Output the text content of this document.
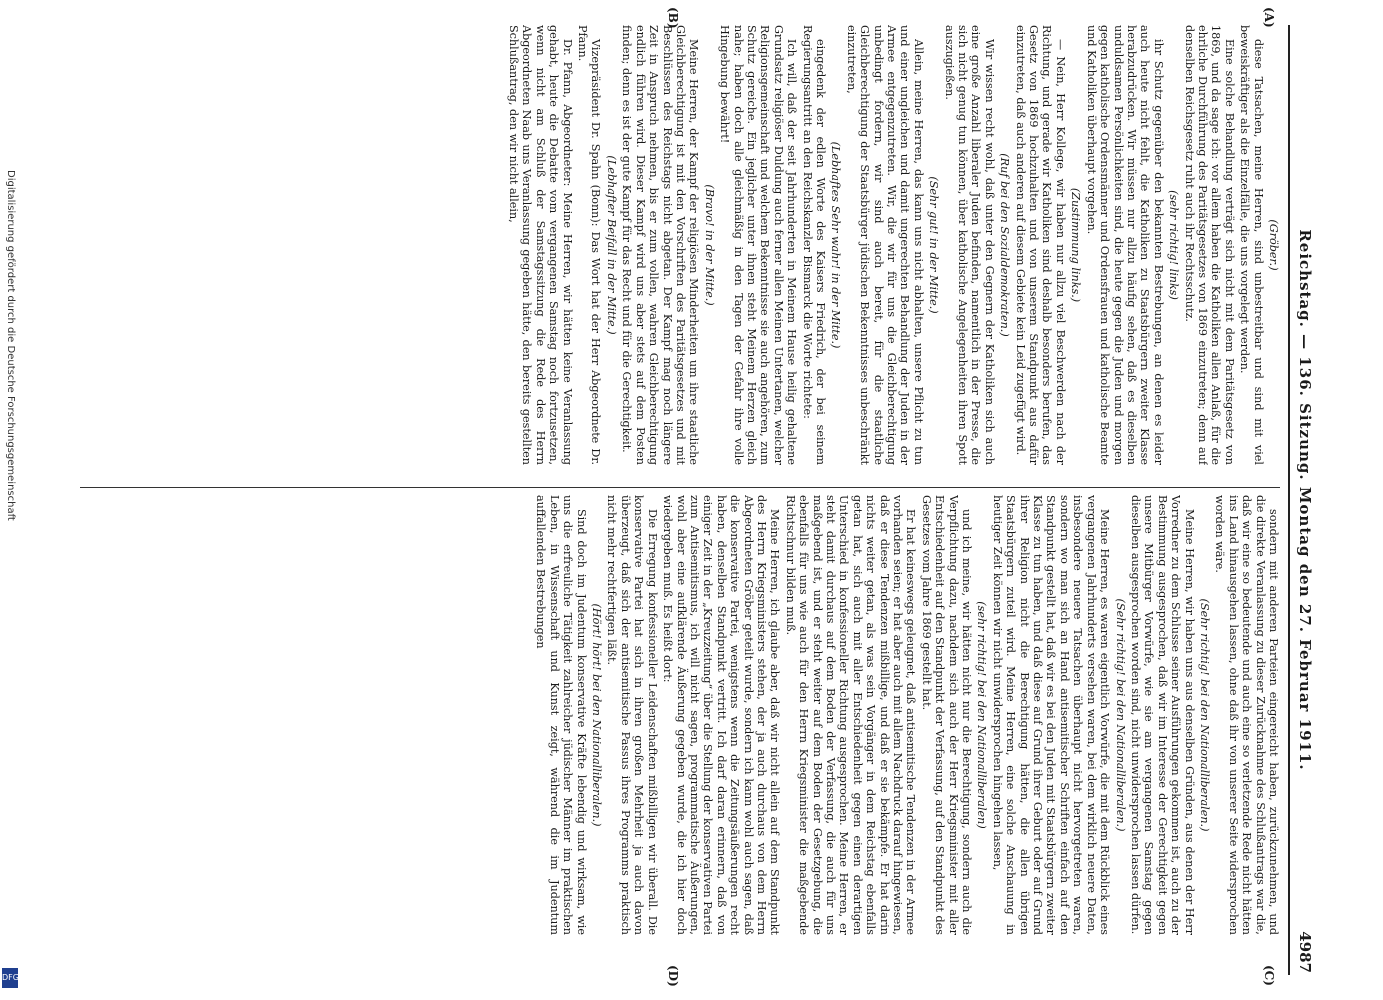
Reichstag. — 136. Sitzung. Montag den 27. Februar 1911.
4987

(Gröber.)

diese Tatsachen, meine Herren, sind unbestreitbar und sind mit viel beweiskräftiger als die Einzelfälle, die uns vorgelegt werden.

Eine solche Behandlung verträgt sich nicht mit dem Paritätsgesetz von 1869, und da sage ich: vor allem haben die Katholiken allen Anlaß, für die ehrliche Durchführung des Paritätsgesetzes von 1869 einzutreten; denn auf denselben Reichsgesetz ruht auch ihr Rechtsschutz.

(sehr richtig! links)

ihr Schutz gegenüber den bekannten Bestrebungen, an denen es leider auch heute nicht fehlt, die Katholiken zu Staatsbürgern zweiter Klasse herabzudrücken. Wir müssen nur allzu häufig sehen, daß es dieselben unduldsamen Persönlichkeiten sind, die heute gegen die Juden und morgen gegen katholische Ordensmänner und Ordensfrauen und katholische Beamte und Katholiken überhaupt vorgehen.

(Zustimmung links.)

— Nein, Herr Kollege, wir haben nur allzu viel Beschwerden nach der Richtung, und gerade wir Katholiken sind deshalb besonders berufen, das Gesetz von 1869 hochzuhalten und von unserem Standpunkt aus dafür einzutreten, daß auch anderen auf diesem Gebiete kein Leid zugefügt wird.

(Ruf bei den Sozialdemokraten.)

Wir wissen recht wohl, daß unter den Gegnern der Katholiken sich auch eine große Anzahl liberaler Juden befinden, namentlich in der Presse, die sich nicht genug tun können, über katholische Angelegenheiten ihren Spott auszugießen.

(Sehr gut! in der Mitte.)

Allein, meine Herren, das kann uns nicht abhalten, unsere Pflicht zu tun und einer ungleichen und damit ungerechten Behandlung der Juden in der Armee entgegenzutreten. Wir, die wir für uns die Gleichberechtigung unbedingt fordern, wir sind auch bereit, für die staatliche Gleichberechtigung der Staatsbürger jüdischen Bekenntnisses unbeschränkt einzutreten,

(Lebhaftes Sehr wahr! in der Mitte.)

eingedenk der edlen Worte des Kaisers Friedrich, der bei seinem Regierungsantritt an den Reichskanzler Bismarck die Worte richtete:

Ich will, daß der seit Jahrhunderten in Meinem Hause heilig gehaltene Grundsatz religiöser Duldung auch ferner allen Meinen Untertanen, welcher Religionsgemeinschaft und welchem Bekenntnisse sie auch angehören, zum Schutz gereiche. Ein jeglicher unter ihnen steht Meinem Herzen gleich nahe; haben doch alle gleichmäßig in den Tagen der Gefahr ihre volle Hingebung bewährt!

(Bravo! in der Mitte.)

Meine Herren, der Kampf der religiösen Minderheiten um ihre staatliche Gleichberechtigung ist mit den Vorschriften des Paritätsgesetzes und mit Beschlüssen des Reichstags nicht abgetan. Der Kampf mag noch längere Zeit in Anspruch nehmen, bis er zum vollen, wahren Gleichberechtigung endlich führen wird. Dieser Kampf wird uns aber stets auf dem Posten finden; denn es ist der gute Kampf für das Recht und für die Gerechtigkeit.

(Lebhafter Beifall in der Mitte.)

Vizepräsident Dr. Spahn (Bonn): Das Wort hat der Herr Abgeordnete Dr. Pfann.

Dr. Pfann, Abgeordneter: Meine Herren, wir hätten keine Veranlassung gehabt, heute die Debatte vom vergangenen Samstag noch fortzusetzen, wenn nicht am Schluß der Samstagssitzung die Rede des Herrn Abgeordneten Naab uns Veranlassung gegeben hätte, den bereits gestellten Schlußantrag, den wir nicht allein,

sondern mit anderen Parteien eingereicht haben, zurückzunehmen, und die direkte Veranlassung zu dieser Zurücknahme des Schlußantrags war die, daß wir eine so bedeutende und auch eine so verletzende Rede nicht hätten ins Land hinausgehen lassen, ohne daß ihr von unserer Seite widersprochen worden wäre.

(Sehr richtig! bei den Nationalliberalen.)

Meine Herren, wir haben uns aus denselben Gründen, aus denen der Herr Vorredner zu dem Schlusse seiner Ausführungen gekommen ist, auch zu der Bestimmung ausgesprochen, daß wir im Interesse der Gerechtigkeit gegen unsere Mitbürger Vorwürfe, wie sie am vergangenen Samstag gegen dieselben ausgesprochen worden sind, nicht unwidersprochen lassen dürfen.

(Sehr richtig! bei den Nationalliberalen.)

Meine Herren, es waren eigentlich Vorwürfe, die mit dem Rückblick eines vergangenen Jahrhunderts versehen waren, bei dem wirklich neuere Daten, insbesondere neuere Tatsachen überhaupt nicht hervorgetreten waren, sondern wo man sich an Hand antisemitischer Schriften einfach auf den Standpunkt gestellt hat, daß wir es bei den Juden mit Staatsbürgern zweiter Klasse zu tun haben, und daß diese auf Grund ihrer Geburt oder auf Grund ihrer Religion nicht die Berechtigung hätten, die allen übrigen Staatsbürgern zuteil wird. Meine Herren, eine solche Anschauung in heutiger Zeit können wir nicht unwidersprochen hingehen lassen,

(sehr richtig! bei den Nationalliberalen)

und ich meine, wir hätten nicht nur die Berechtigung, sondern auch die Verpflichtung dazu, nachdem sich auch der Herr Kriegsminister mit aller Entschiedenheit auf den Standpunkt der Verfassung, auf den Standpunkt des Gesetzes vom Jahre 1869 gestellt hat.

Er hat keineswegs geleugnet, daß antisemitische Tendenzen in der Armee vorhanden seien; er hat aber auch mit allem Nachdruck darauf hingewiesen, daß er diese Tendenzen mißbillige, und daß er sie bekämpfe. Er hat darin nichts weiter getan, als was sein Vorgänger in dem Reichstag ebenfalls getan hat, sich auch mit aller Entschiedenheit gegen einen derartigen Unterschied in konfessioneller Richtung ausgesprochen. Meine Herren, er steht damit durchaus auf dem Boden der Verfassung, die auch für uns maßgebend ist, und er steht weiter auf dem Boden der Gesetzgebung, die ebenfalls für uns wie auch für den Herrn Kriegsminister die maßgebende Richtschnur bilden muß.

Meine Herren, ich glaube aber, daß wir nicht allein auf dem Standpunkt des Herrn Kriegsministers stehen, der ja auch durchaus von dem Herrn Abgeordneten Gröber geteilt wurde, sondern ich kann wohl auch sagen, daß die konservative Partei, wenigstens wenn die Zeitungsäußerungen recht haben, denselben Standpunkt vertritt. Ich darf daran erinnern, daß von einiger Zeit in der „Kreuzzeitung“ über die Stellung der konservativen Partei zum Antisemitismus, ich will nicht sagen, programmatische Äußerungen, wohl aber eine aufklärende Äußerung gegeben wurde, die ich hier doch wiedergeben muß. Es heißt dort:

Die Erregung konfessioneller Leidenschaften mißbilligen wir überall. Die konservative Partei hat sich in ihren großen Mehrheit ja auch davon überzeugt, daß sich der antisemitische Passus ihres Programms praktisch nicht mehr rechtfertigen läßt.

(Hört! hört! bei den Nationalliberalen.)

Sind doch im Judentum konservative Kräfte lebendig und wirksam, wie uns die erfreuliche Tätigkeit zahlreicher jüdischer Männer im praktischen Leben, in Wissenschaft und Kunst zeigt, während die im Judentum auffallenden Bestrebungen

(A)
(B)
(C)
(D)
Digitalisierung gefördert durch die Deutsche Forschungsgemeinschaft
DFG
